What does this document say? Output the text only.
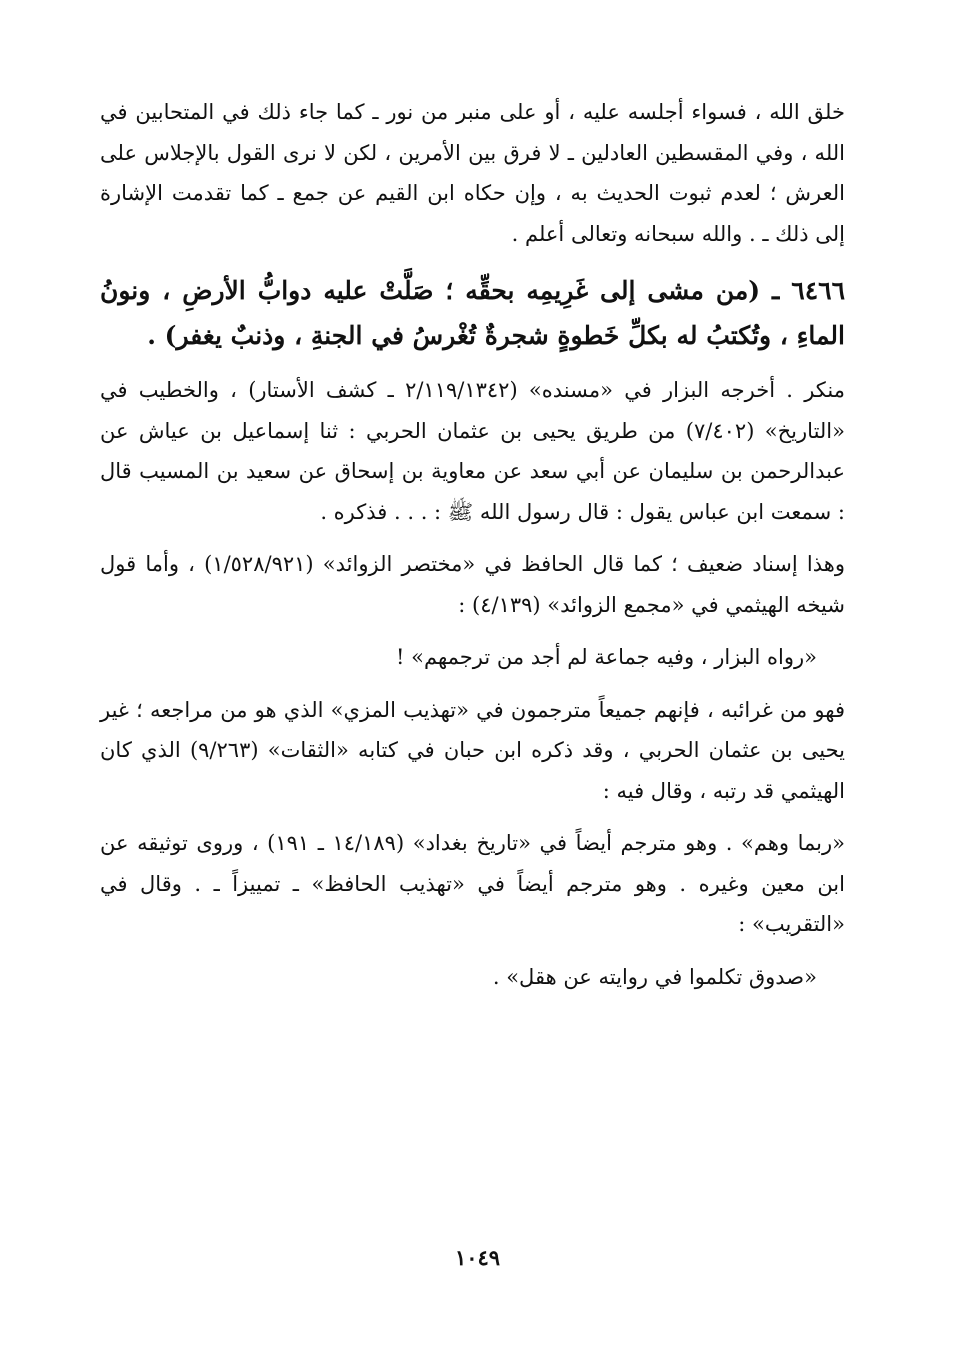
خلق الله ، فسواء أجلسه عليه ، أو على منبر من نور ـ كما جاء ذلك في المتحابين في الله ، وفي المقسطين العادلين ـ لا فرق بين الأمرين ، لكن لا نرى القول بالإجلاس على العرش ؛ لعدم ثبوت الحديث به ، وإن حكاه ابن القيم عن جمع ـ كما تقدمت الإشارة إلى ذلك ـ . والله سبحانه وتعالى أعلم .

٦٤٦٦ ـ (من مشى إلى غَرِيمِه بحقِّه ؛ صَلَّتْ عليه دوابُّ الأرضِ ، ونونُ الماءِ ، وتُكتبُ له بكلِّ خَطوةٍ شجرةٌ تُغْرسُ في الجنةِ ، وذنبٌ يغفر) .

منكر . أخرجه البزار في «مسنده» (٢/١١٩/١٣٤٢ ـ كشف الأستار) ، والخطيب في «التاريخ» (٧/٤٠٢) من طريق يحيى بن عثمان الحربي : ثنا إسماعيل بن عياش عن عبدالرحمن بن سليمان عن أبي سعد عن معاوية بن إسحاق عن سعيد بن المسيب قال : سمعت ابن عباس يقول : قال رسول الله ﷺ : . . . فذكره .

وهذا إسناد ضعيف ؛ كما قال الحافظ في «مختصر الزوائد» (١/٥٢٨/٩٢١) ، وأما قول شيخه الهيثمي في «مجمع الزوائد» (٤/١٣٩) :

«رواه البزار ، وفيه جماعة لم أجد من ترجمهم» !

فهو من غرائبه ، فإنهم جميعاً مترجمون في «تهذيب المزي» الذي هو من مراجعه ؛ غير يحيى بن عثمان الحربي ، وقد ذكره ابن حبان في كتابه «الثقات» (٩/٢٦٣) الذي كان الهيثمي قد رتبه ، وقال فيه :

«ربما وهم» . وهو مترجم أيضاً في «تاريخ بغداد» (١٤/١٨٩ ـ ١٩١) ، وروى توثيقه عن ابن معين وغيره . وهو مترجم أيضاً في «تهذيب الحافظ» ـ تمييزاً ـ . وقال في «التقريب» :

«صدوق تكلموا في روايته عن هقل» .

١٠٤٩
